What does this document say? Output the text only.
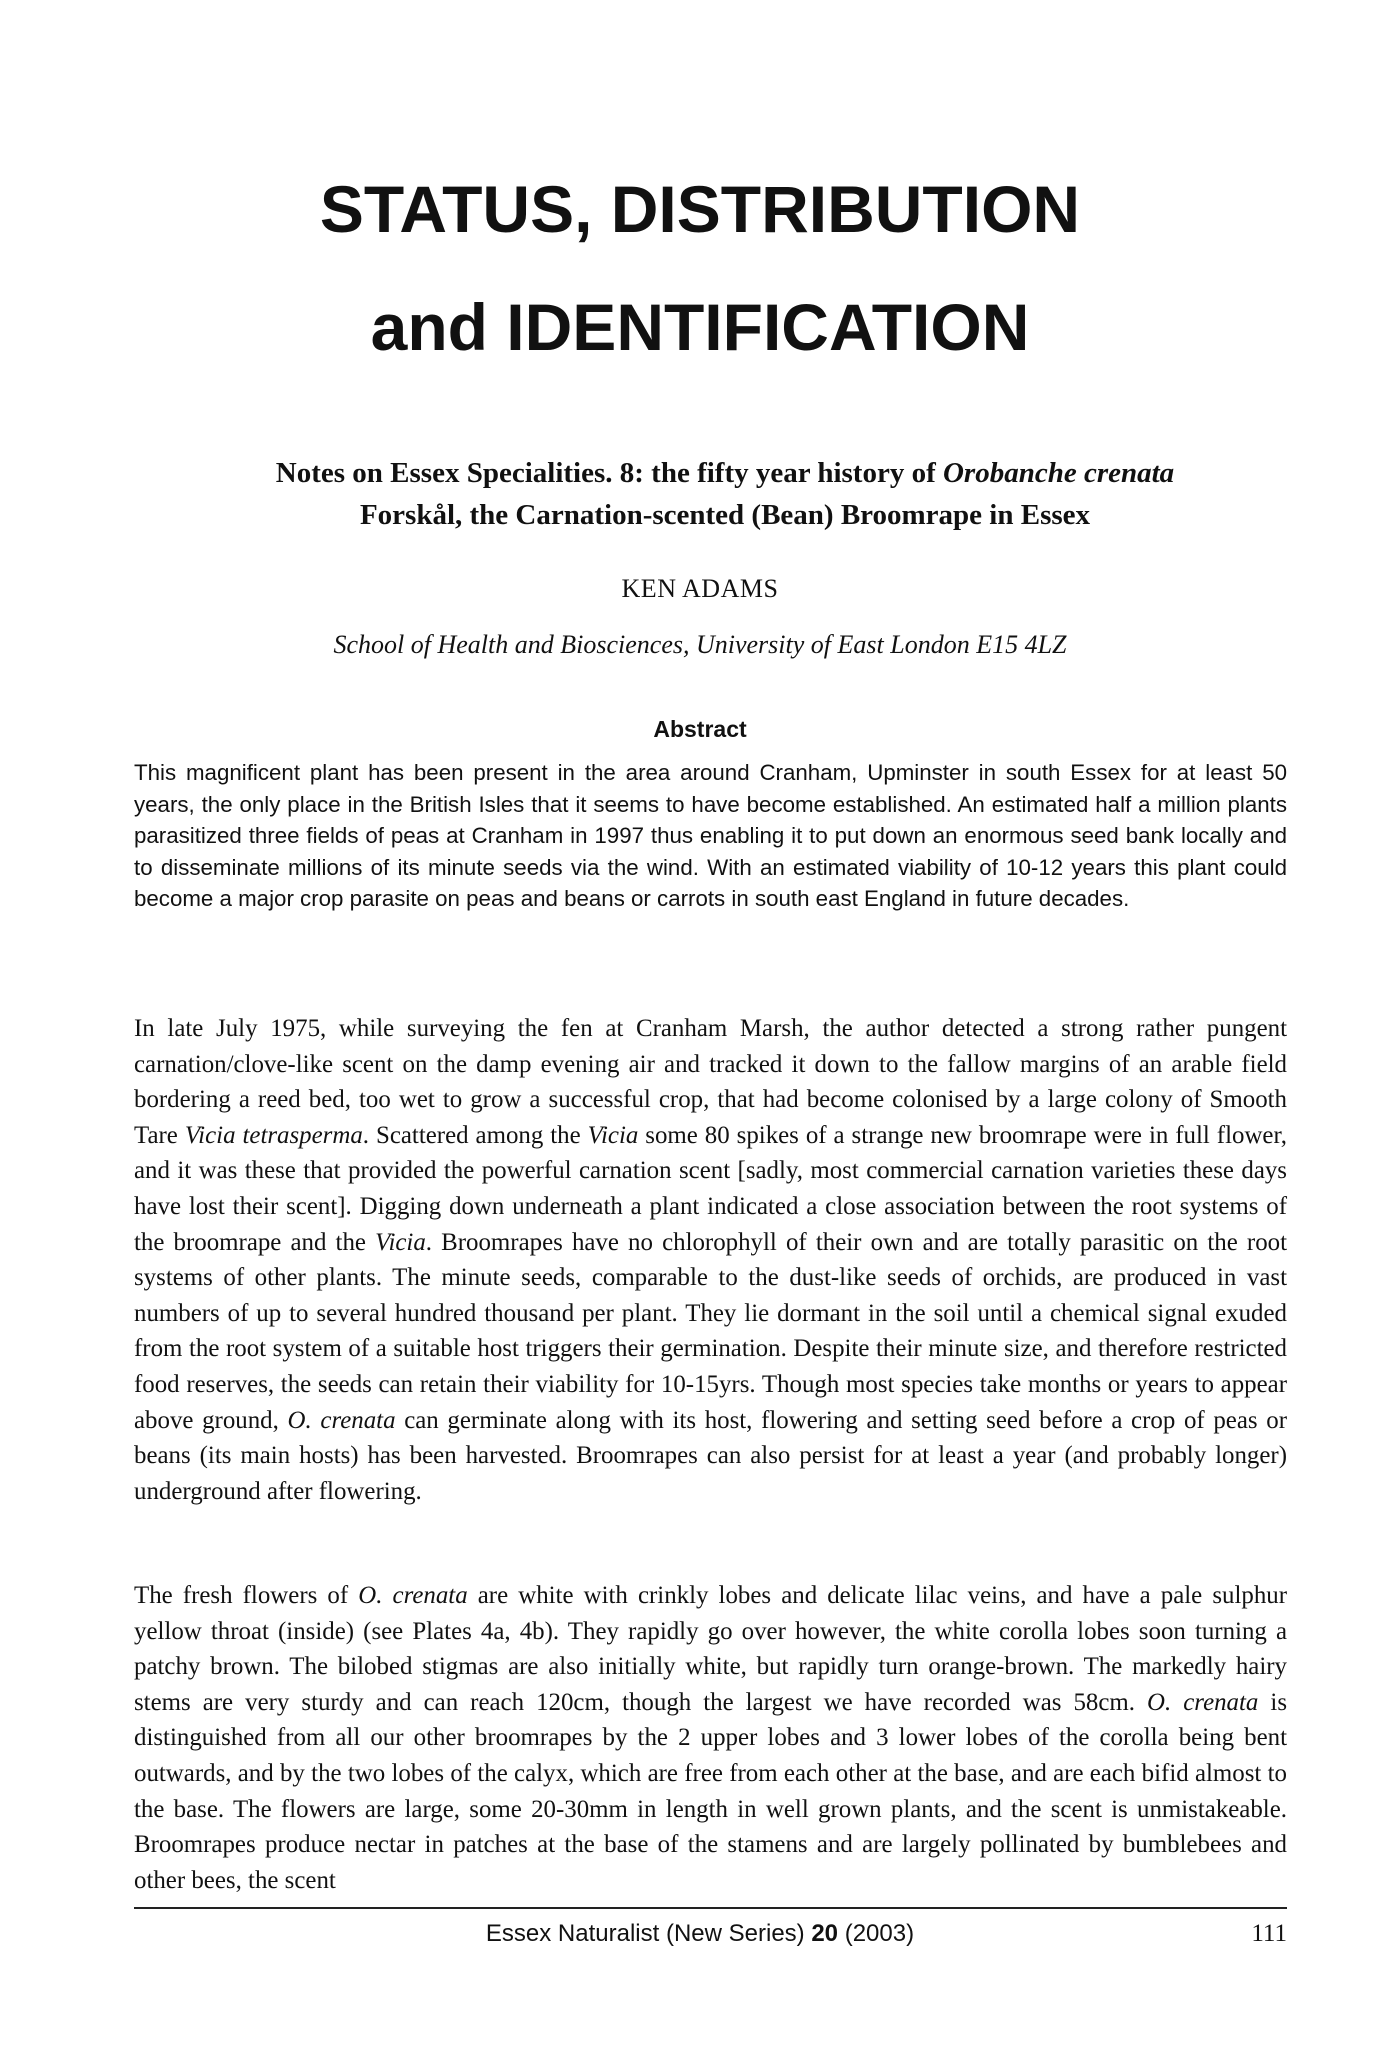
STATUS, DISTRIBUTION
and IDENTIFICATION
Notes on Essex Specialities. 8: the fifty year history of Orobanche crenata
Forskål, the Carnation-scented (Bean) Broomrape in Essex
KEN ADAMS
School of Health and Biosciences, University of East London E15 4LZ
Abstract
This magnificent plant has been present in the area around Cranham, Upminster in south Essex for at least 50 years, the only place in the British Isles that it seems to have become established. An estimated half a million plants parasitized three fields of peas at Cranham in 1997 thus enabling it to put down an enormous seed bank locally and to disseminate millions of its minute seeds via the wind. With an estimated viability of 10-12 years this plant could become a major crop parasite on peas and beans or carrots in south east England in future decades.
In late July 1975, while surveying the fen at Cranham Marsh, the author detected a strong rather pungent carnation/clove-like scent on the damp evening air and tracked it down to the fallow margins of an arable field bordering a reed bed, too wet to grow a successful crop, that had become colonised by a large colony of Smooth Tare Vicia tetrasperma. Scattered among the Vicia some 80 spikes of a strange new broomrape were in full flower, and it was these that provided the powerful carnation scent [sadly, most commercial carnation varieties these days have lost their scent]. Digging down underneath a plant indicated a close association between the root systems of the broomrape and the Vicia. Broomrapes have no chlorophyll of their own and are totally parasitic on the root systems of other plants. The minute seeds, comparable to the dust-like seeds of orchids, are produced in vast numbers of up to several hundred thousand per plant. They lie dormant in the soil until a chemical signal exuded from the root system of a suitable host triggers their germination. Despite their minute size, and therefore restricted food reserves, the seeds can retain their viability for 10-15yrs. Though most species take months or years to appear above ground, O. crenata can germinate along with its host, flowering and setting seed before a crop of peas or beans (its main hosts) has been harvested. Broomrapes can also persist for at least a year (and probably longer) underground after flowering.
The fresh flowers of O. crenata are white with crinkly lobes and delicate lilac veins, and have a pale sulphur yellow throat (inside) (see Plates 4a, 4b). They rapidly go over however, the white corolla lobes soon turning a patchy brown. The bilobed stigmas are also initially white, but rapidly turn orange-brown. The markedly hairy stems are very sturdy and can reach 120cm, though the largest we have recorded was 58cm. O. crenata is distinguished from all our other broomrapes by the 2 upper lobes and 3 lower lobes of the corolla being bent outwards, and by the two lobes of the calyx, which are free from each other at the base, and are each bifid almost to the base. The flowers are large, some 20-30mm in length in well grown plants, and the scent is unmistakeable. Broomrapes produce nectar in patches at the base of the stamens and are largely pollinated by bumblebees and other bees, the scent
Essex Naturalist (New Series) 20 (2003)	111
